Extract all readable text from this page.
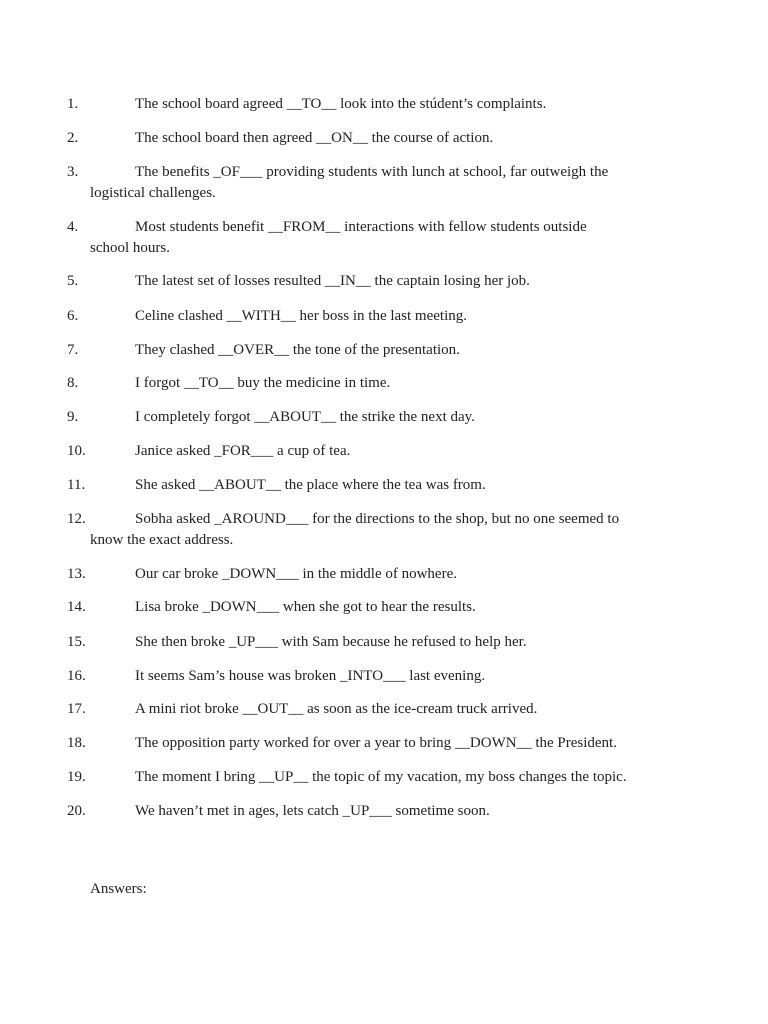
1.	The school board agreed __TO__ look into the stúdent’s complaints.
2.	The school board then agreed __ON__ the course of action.
3.	The benefits _OF___ providing students with lunch at school, far outweigh the
logistical challenges.
4.	Most students benefit __FROM__ interactions with fellow students outside
school hours.
5.	The latest set of losses resulted __IN__ the captain losing her job.
6.	Celine clashed __WITH__ her boss in the last meeting.
7.	They clashed __OVER__ the tone of the presentation.
8.	I forgot __TO__ buy the medicine in time.
9.	I completely forgot __ABOUT__ the strike the next day.
10.	Janice asked _FOR___ a cup of tea.
11.	She asked __ABOUT__ the place where the tea was from.
12.	Sobha asked _AROUND___ for the directions to the shop, but no one seemed to
know the exact address.
13.	Our car broke _DOWN___ in the middle of nowhere.
14.	Lisa broke _DOWN___ when she got to hear the results.
15.	She then broke _UP___ with Sam because he refused to help her.
16.	It seems Sam’s house was broken _INTO___ last evening.
17.	A mini riot broke __OUT__ as soon as the ice-cream truck arrived.
18.	The opposition party worked for over a year to bring __DOWN__ the President.
19.	The moment I bring __UP__ the topic of my vacation, my boss changes the topic.
20.	We haven’t met in ages, lets catch _UP___ sometime soon.
Answers:
